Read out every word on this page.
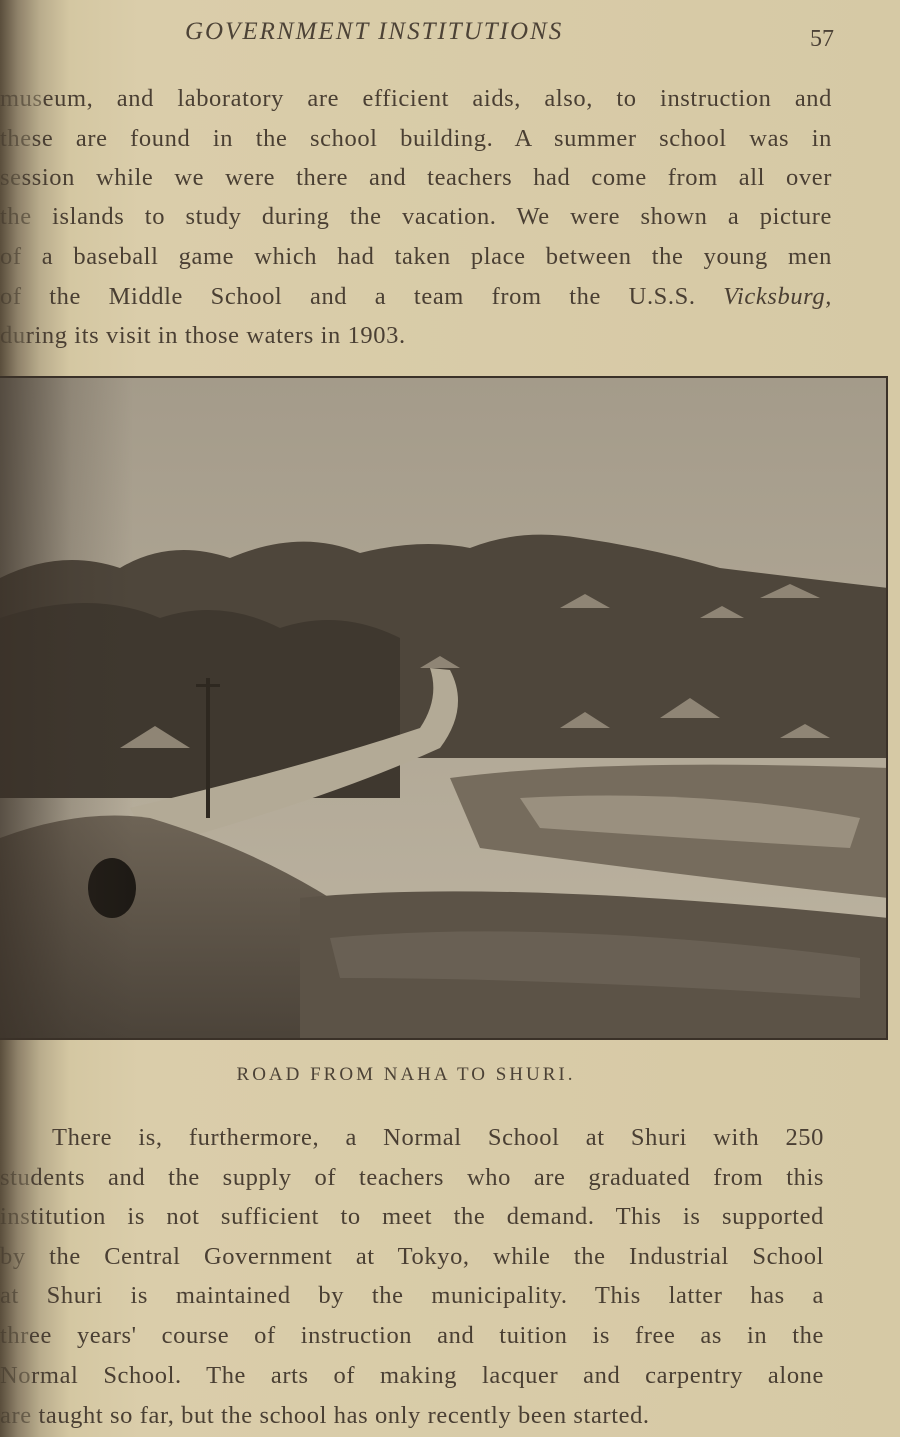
GOVERNMENT INSTITUTIONS	57
museum, and laboratory are efficient aids, also, to instruction and
these are found in the school building. A summer school was in
session while we were there and teachers had come from all over
the islands to study during the vacation. We were shown a picture
of a baseball game which had taken place between the young men
of the Middle School and a team from the U.S.S. Vicksburg,
during its visit in those waters in 1903.
ROAD FROM NAHA TO SHURI.
There is, furthermore, a Normal School at Shuri with 250
students and the supply of teachers who are graduated from this
institution is not sufficient to meet the demand. This is supported
by the Central Government at Tokyo, while the Industrial School
at Shuri is maintained by the municipality. This latter has a
three years' course of instruction and tuition is free as in the
Normal School. The arts of making lacquer and carpentry alone
are taught so far, but the school has only recently been started.
